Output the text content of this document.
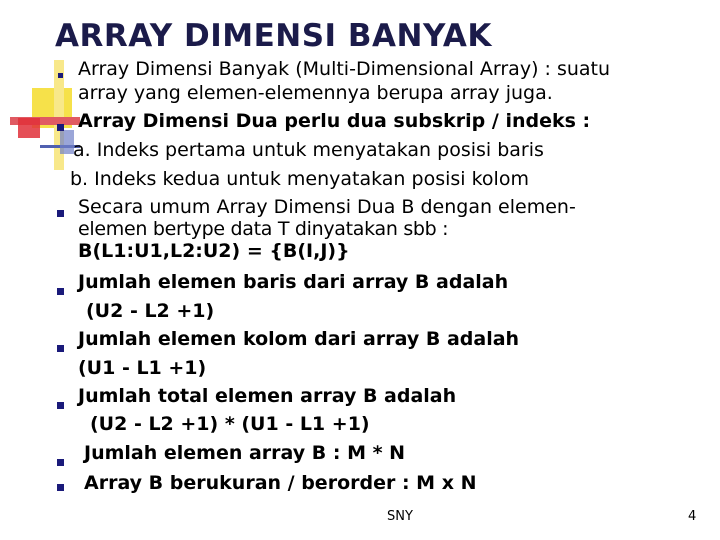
ARRAY DIMENSI BANYAK
Array Dimensi Banyak (Multi-Dimensional Array) : suatu
array yang elemen-elemennya berupa array juga.
Array Dimensi Dua perlu dua subskrip / indeks :
a. Indeks pertama untuk menyatakan posisi baris
b. Indeks kedua untuk menyatakan posisi kolom
Secara umum Array Dimensi Dua B dengan elemen-
elemen bertype data T dinyatakan sbb :
B(L1:U1,L2:U2) = {B(I,J)}
Jumlah elemen baris dari array B adalah
(U2 - L2 +1)
Jumlah elemen kolom dari array B adalah
(U1 - L1 +1)
Jumlah total elemen array B adalah
(U2 - L2 +1) * (U1 - L1 +1)
Jumlah elemen array B : M * N
Array B berukuran / berorder : M x N
SNY	4
